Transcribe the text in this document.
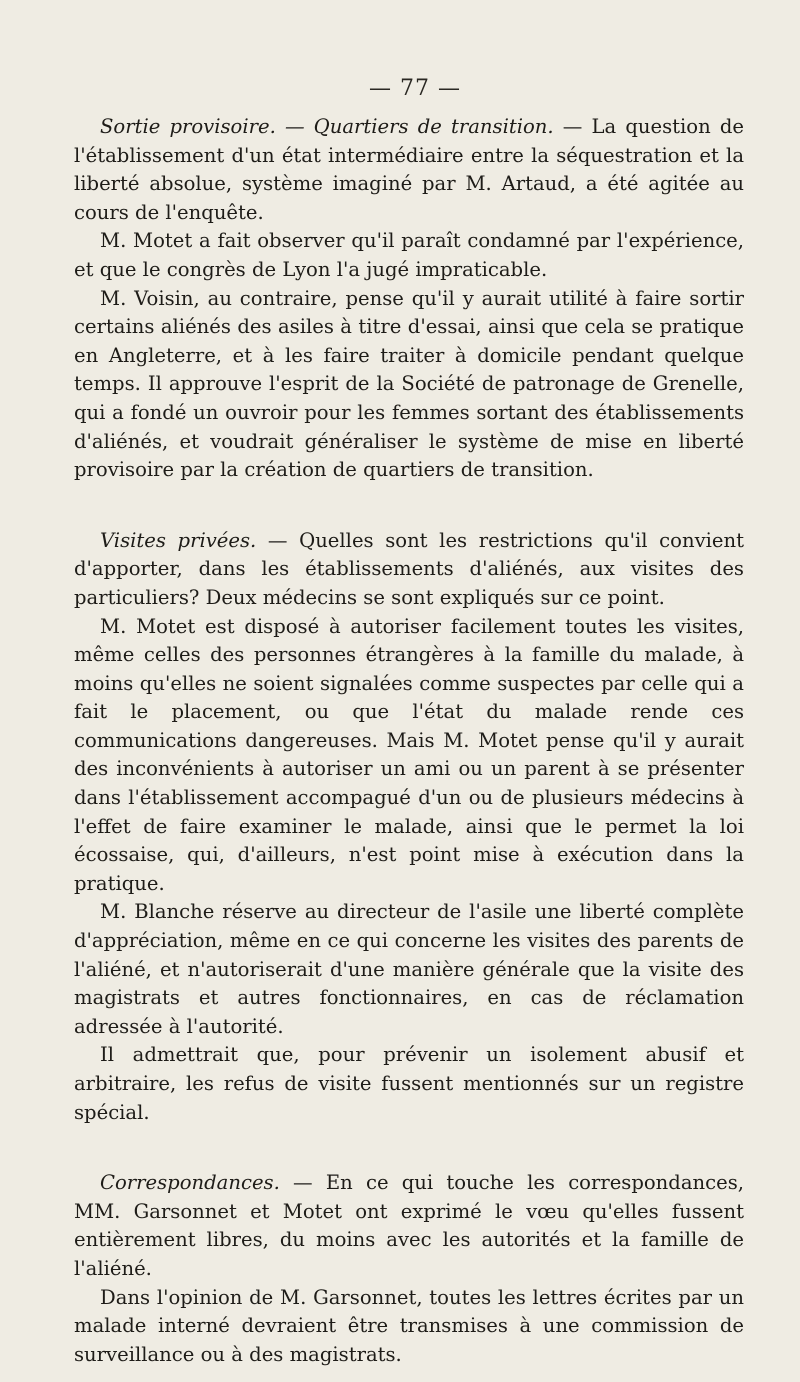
— 77 —

Sortie provisoire. — Quartiers de transition. — La question de l'établissement d'un état intermédiaire entre la séquestration et la liberté absolue, système imaginé par M. Artaud, a été agitée au cours de l'enquête.

M. Motet a fait observer qu'il paraît condamné par l'expérience, et que le congrès de Lyon l'a jugé impraticable.

M. Voisin, au contraire, pense qu'il y aurait utilité à faire sortir certains aliénés des asiles à titre d'essai, ainsi que cela se pratique en Angleterre, et à les faire traiter à domicile pendant quelque temps. Il approuve l'esprit de la Société de patronage de Grenelle, qui a fondé un ouvroir pour les femmes sortant des établissements d'aliénés, et voudrait généraliser le système de mise en liberté provisoire par la création de quartiers de transition.

Visites privées. — Quelles sont les restrictions qu'il convient d'apporter, dans les établissements d'aliénés, aux visites des particuliers? Deux médecins se sont expliqués sur ce point.

M. Motet est disposé à autoriser facilement toutes les visites, même celles des personnes étrangères à la famille du malade, à moins qu'elles ne soient signalées comme suspectes par celle qui a fait le placement, ou que l'état du malade rende ces communications dangereuses. Mais M. Motet pense qu'il y aurait des inconvénients à autoriser un ami ou un parent à se présenter dans l'établissement accompagué d'un ou de plusieurs médecins à l'effet de faire examiner le malade, ainsi que le permet la loi écossaise, qui, d'ailleurs, n'est point mise à exécution dans la pratique.

M. Blanche réserve au directeur de l'asile une liberté complète d'appréciation, même en ce qui concerne les visites des parents de l'aliéné, et n'autoriserait d'une manière générale que la visite des magistrats et autres fonctionnaires, en cas de réclamation adressée à l'autorité.

Il admettrait que, pour prévenir un isolement abusif et arbitraire, les refus de visite fussent mentionnés sur un registre spécial.

Correspondances. — En ce qui touche les correspondances, MM. Garsonnet et Motet ont exprimé le vœu qu'elles fussent entièrement libres, du moins avec les autorités et la famille de l'aliéné.

Dans l'opinion de M. Garsonnet, toutes les lettres écrites par un malade interné devraient être transmises à une commission de surveillance ou à des magistrats.
